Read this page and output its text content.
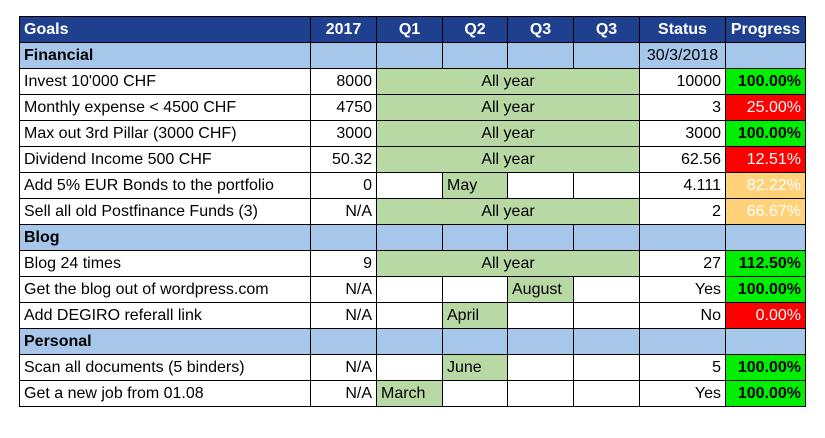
Goals	2017	Q1	Q2	Q3	Q3	Status	Progress
Financial						30/3/2018	
Invest 10'000 CHF	8000	All year				10000	100.00%
Monthly expense < 4500 CHF	4750	All year				3	25.00%
Max out 3rd Pillar (3000 CHF)	3000	All year				3000	100.00%
Dividend Income 500 CHF	50.32	All year				62.56	12.51%
Add 5% EUR Bonds to the portfolio	0		May			4.111	82.22%
Sell all old Postfinance Funds (3)	N/A	All year				2	66.67%
Blog							
Blog 24 times	9	All year				27	112.50%
Get the blog out of wordpress.com	N/A			August		Yes	100.00%
Add DEGIRO referall link	N/A		April			No	0.00%
Personal							
Scan all documents (5 binders)	N/A		June			5	100.00%
Get a new job from 01.08	N/A	March				Yes	100.00%
